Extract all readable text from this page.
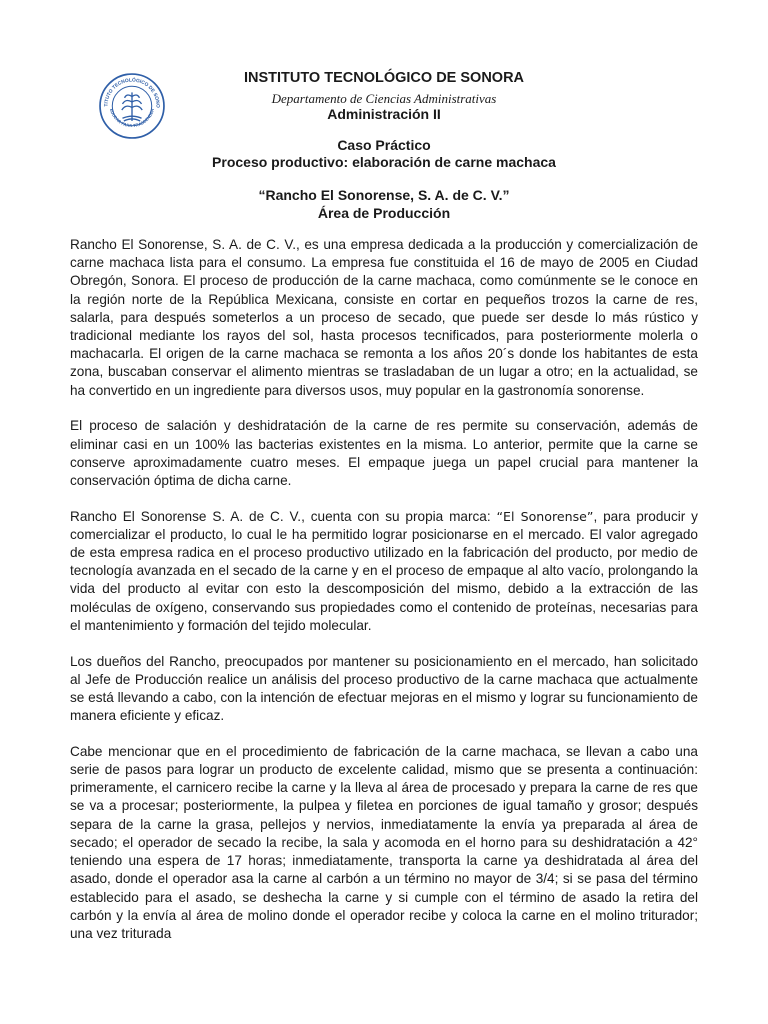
TITUTO TECNOLÓGICO DE SONO
EDUCAR PARA TRASCENDER
INSTITUTO TECNOLÓGICO DE SONORA
Departamento de Ciencias Administrativas
Administración II
Caso Práctico
Proceso productivo: elaboración de carne machaca
“Rancho El Sonorense, S. A. de C. V.”
Área de Producción

Rancho El Sonorense, S. A. de C. V., es una empresa dedicada a la producción y comercialización de carne machaca lista para el consumo. La empresa fue constituida el 16 de mayo de 2005 en Ciudad Obregón, Sonora. El proceso de producción de la carne machaca, como comúnmente se le conoce en la región norte de la República Mexicana, consiste en cortar en pequeños trozos la carne de res, salarla, para después someterlos a un proceso de secado, que puede ser desde lo más rústico y tradicional mediante los rayos del sol, hasta procesos tecnificados, para posteriormente molerla o machacarla. El origen de la carne machaca se remonta a los años 20´s donde los habitantes de esta zona, buscaban conservar el alimento mientras se trasladaban de un lugar a otro; en la actualidad, se ha convertido en un ingrediente para diversos usos, muy popular en la gastronomía sonorense.

El proceso de salación y deshidratación de la carne de res permite su conservación, además de eliminar casi en un 100% las bacterias existentes en la misma. Lo anterior, permite que la carne se conserve aproximadamente cuatro meses. El empaque juega un papel crucial para mantener la conservación óptima de dicha carne.

Rancho El Sonorense S. A. de C. V., cuenta con su propia marca: “El Sonorense”, para producir y comercializar el producto, lo cual le ha permitido lograr posicionarse en el mercado. El valor agregado de esta empresa radica en el proceso productivo utilizado en la fabricación del producto, por medio de tecnología avanzada en el secado de la carne y en el proceso de empaque al alto vacío, prolongando la vida del producto al evitar con esto la descomposición del mismo, debido a la extracción de las moléculas de oxígeno, conservando sus propiedades como el contenido de proteínas, necesarias para el mantenimiento y formación del tejido molecular.

Los dueños del Rancho, preocupados por mantener su posicionamiento en el mercado, han solicitado al Jefe de Producción realice un análisis del proceso productivo de la carne machaca que actualmente se está llevando a cabo, con la intención de efectuar mejoras en el mismo y lograr su funcionamiento de manera eficiente y eficaz.

Cabe mencionar que en el procedimiento de fabricación de la carne machaca, se llevan a cabo una serie de pasos para lograr un producto de excelente calidad, mismo que se presenta a continuación: primeramente, el carnicero recibe la carne y la lleva al área de procesado y prepara la carne de res que se va a procesar; posteriormente, la pulpea y filetea en porciones de igual tamaño y grosor; después separa de la carne la grasa, pellejos y nervios, inmediatamente la envía ya preparada al área de secado; el operador de secado la recibe, la sala y acomoda en el horno para su deshidratación a 42° teniendo una espera de 17 horas; inmediatamente, transporta la carne ya deshidratada al área del asado, donde el operador asa la carne al carbón a un término no mayor de 3/4; si se pasa del término establecido para el asado, se deshecha la carne y si cumple con el término de asado la retira del carbón y la envía al área de molino donde el operador recibe y coloca la carne en el molino triturador; una vez triturada
